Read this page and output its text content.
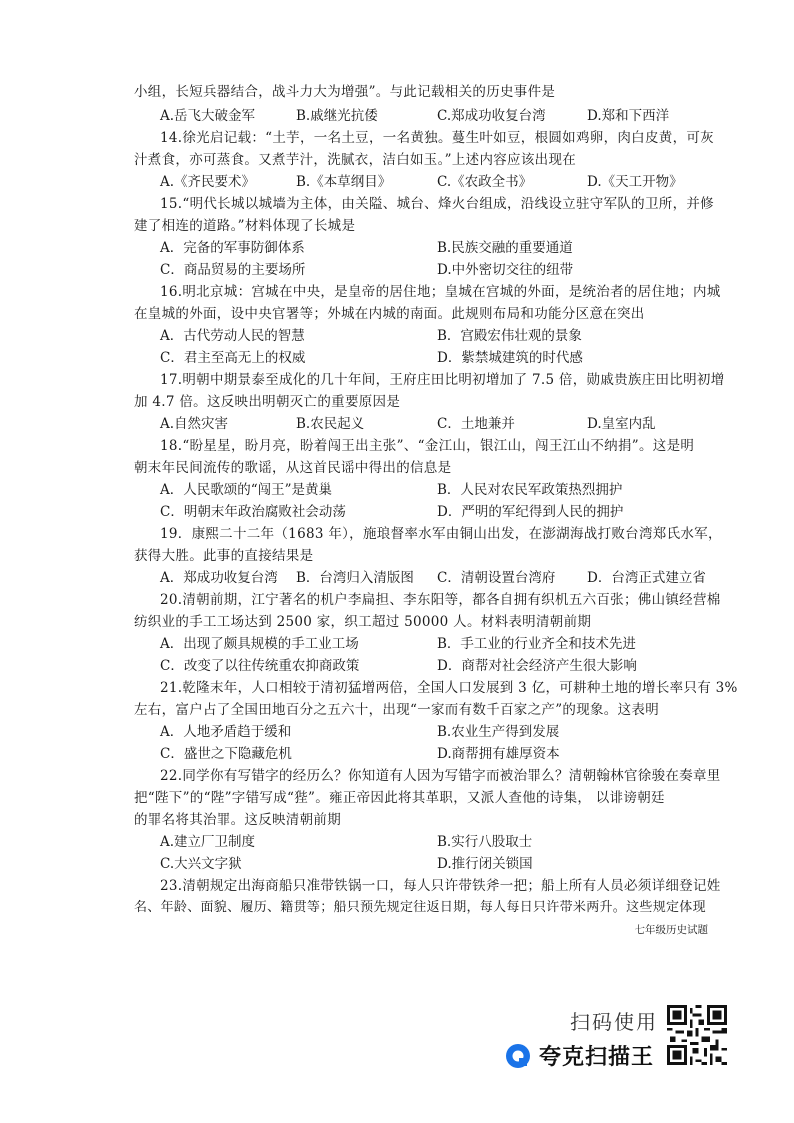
小组，长短兵器结合，战斗力大为增强”。与此记载相关的历史事件是
A.岳飞大破金军	B.戚继光抗倭	C.郑成功收复台湾	D.郑和下西洋
14.徐光启记载：“土芋，一名土豆，一名黄独。蔓生叶如豆，根圆如鸡卵，肉白皮黄，可灰
汁煮食，亦可蒸食。又煮芋汁，洗腻衣，洁白如玉。”上述内容应该出现在
A.《齐民要术》	B.《本草纲目》	C.《农政全书》	D.《天工开物》
15.“明代长城以城墙为主体，由关隘、城台、烽火台组成，沿线设立驻守军队的卫所，并修
建了相连的道路。”材料体现了长城是
A．完备的军事防御体系	B.民族交融的重要通道
C．商品贸易的主要场所	D.中外密切交往的纽带
16.明北京城：宫城在中央，是皇帝的居住地；皇城在宫城的外面，是统治者的居住地；内城
在皇城的外面，设中央官署等；外城在内城的南面。此规则布局和功能分区意在突出
A．古代劳动人民的智慧	B．宫殿宏伟壮观的景象
C．君主至高无上的权威	D．紫禁城建筑的时代感
17.明朝中期景泰至成化的几十年间，王府庄田比明初增加了 7.5 倍，勋戚贵族庄田比明初增
加 4.7 倍。这反映出明朝灭亡的重要原因是
A.自然灾害	B.农民起义	C．土地兼并	D.皇室内乱
18.“盼星星，盼月亮，盼着闯王出主张”、“金江山，银江山，闯王江山不纳捐”。这是明
朝末年民间流传的歌谣，从这首民谣中得出的信息是
A．人民歌颂的“闯王”是黄巢	B．人民对农民军政策热烈拥护
C．明朝末年政治腐败社会动荡	D．严明的军纪得到人民的拥护
19．康熙二十二年（1683 年），施琅督率水军由铜山出发，在澎湖海战打败台湾郑氏水军，
获得大胜。此事的直接结果是
A．郑成功收复台湾 B．台湾归入清版图 C．清朝设置台湾府 D．台湾正式建立省
20.清朝前期，江宁著名的机户李扁担、李东阳等，都各自拥有织机五六百张；佛山镇经营棉
纺织业的手工工场达到 2500 家，织工超过 50000 人。材料表明清朝前期
A．出现了颇具规模的手工业工场	B．手工业的行业齐全和技术先进
C．改变了以往传统重农抑商政策	D．商帮对社会经济产生很大影响
21.乾隆末年，人口相较于清初猛增两倍，全国人口发展到 3 亿，可耕种土地的增长率只有 3%
左右，富户占了全国田地百分之五六十，出现“一家而有数千百家之产”的现象。这表明
A．人地矛盾趋于缓和	B.农业生产得到发展
C．盛世之下隐藏危机	D.商帮拥有雄厚资本
22.同学你有写错字的经历么？你知道有人因为写错字而被治罪么？清朝翰林官徐骏在奏章里
把“陛下”的“陛”字错写成“狴”。雍正帝因此将其革职，又派人查他的诗集， 以诽谤朝廷
的罪名将其治罪。这反映清朝前期
A.建立厂卫制度	B.实行八股取士
C.大兴文字狱	D.推行闭关锁国
23.清朝规定出海商船只准带铁锅一口，每人只许带铁斧一把；船上所有人员必须详细登记姓
名、年龄、面貌、履历、籍贯等；船只预先规定往返日期，每人每日只许带米两升。这些规定体现
七年级历史试题
扫码使用
夸克扫描王
